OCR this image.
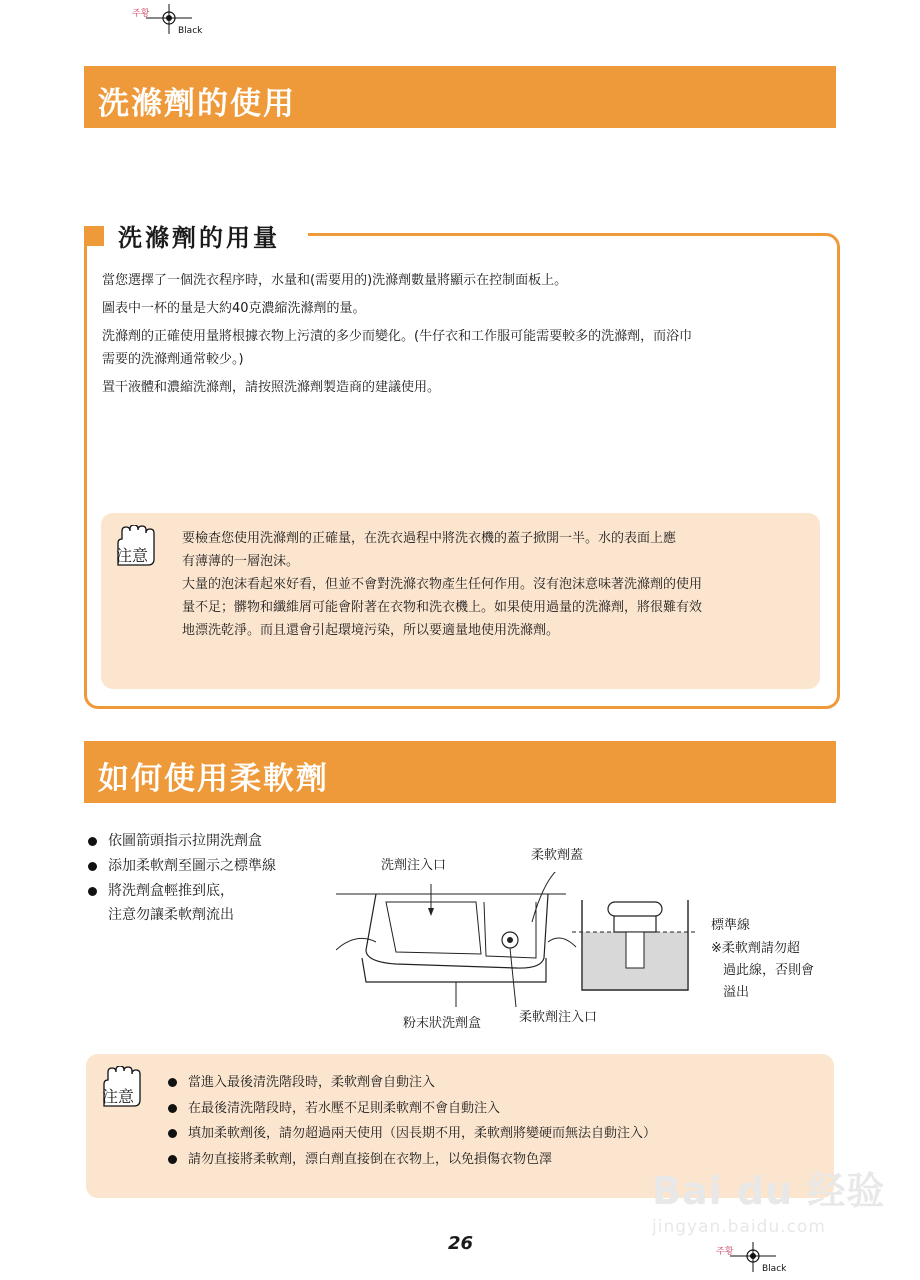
주황
Black
洗滌劑的使用
洗滌劑的用量
當您選擇了一個洗衣程序時，水量和(需要用的)洗滌劑數量將顯示在控制面板上。
圖表中一杯的量是大約40克濃縮洗滌劑的量。
洗滌劑的正確使用量將根據衣物上污漬的多少而變化。(牛仔衣和工作服可能需要較多的洗滌劑，而浴巾
需要的洗滌劑通常較少。)
置干液體和濃縮洗滌劑，請按照洗滌劑製造商的建議使用。
注意
要檢查您使用洗滌劑的正確量，在洗衣過程中將洗衣機的蓋子掀開一半。水的表面上應
有薄薄的一層泡沫。
大量的泡沫看起來好看，但並不會對洗滌衣物產生任何作用。沒有泡沫意味著洗滌劑的使用
量不足；髒物和纖維屑可能會附著在衣物和洗衣機上。如果使用過量的洗滌劑，將很難有效
地漂洗乾淨。而且還會引起環境污染，所以要適量地使用洗滌劑。
如何使用柔軟劑
依圖箭頭指示拉開洗劑盒
添加柔軟劑至圖示之標準線
將洗劑盒輕推到底，
注意勿讓柔軟劑流出
洗劑注入口
柔軟劑蓋
粉末狀洗劑盒	柔軟劑注入口
標準線
※柔軟劑請勿超
過此線，否則會
溢出
注意
當進入最後清洗階段時，柔軟劑會自動注入
在最後清洗階段時，若水壓不足則柔軟劑不會自動注入
填加柔軟劑後，請勿超過兩天使用（因長期不用，柔軟劑將變硬而無法自動注入）
請勿直接將柔軟劑，漂白劑直接倒在衣物上，以免損傷衣物色澤
Bai du 经验
jingyan.baidu.com
26	주황
Black
